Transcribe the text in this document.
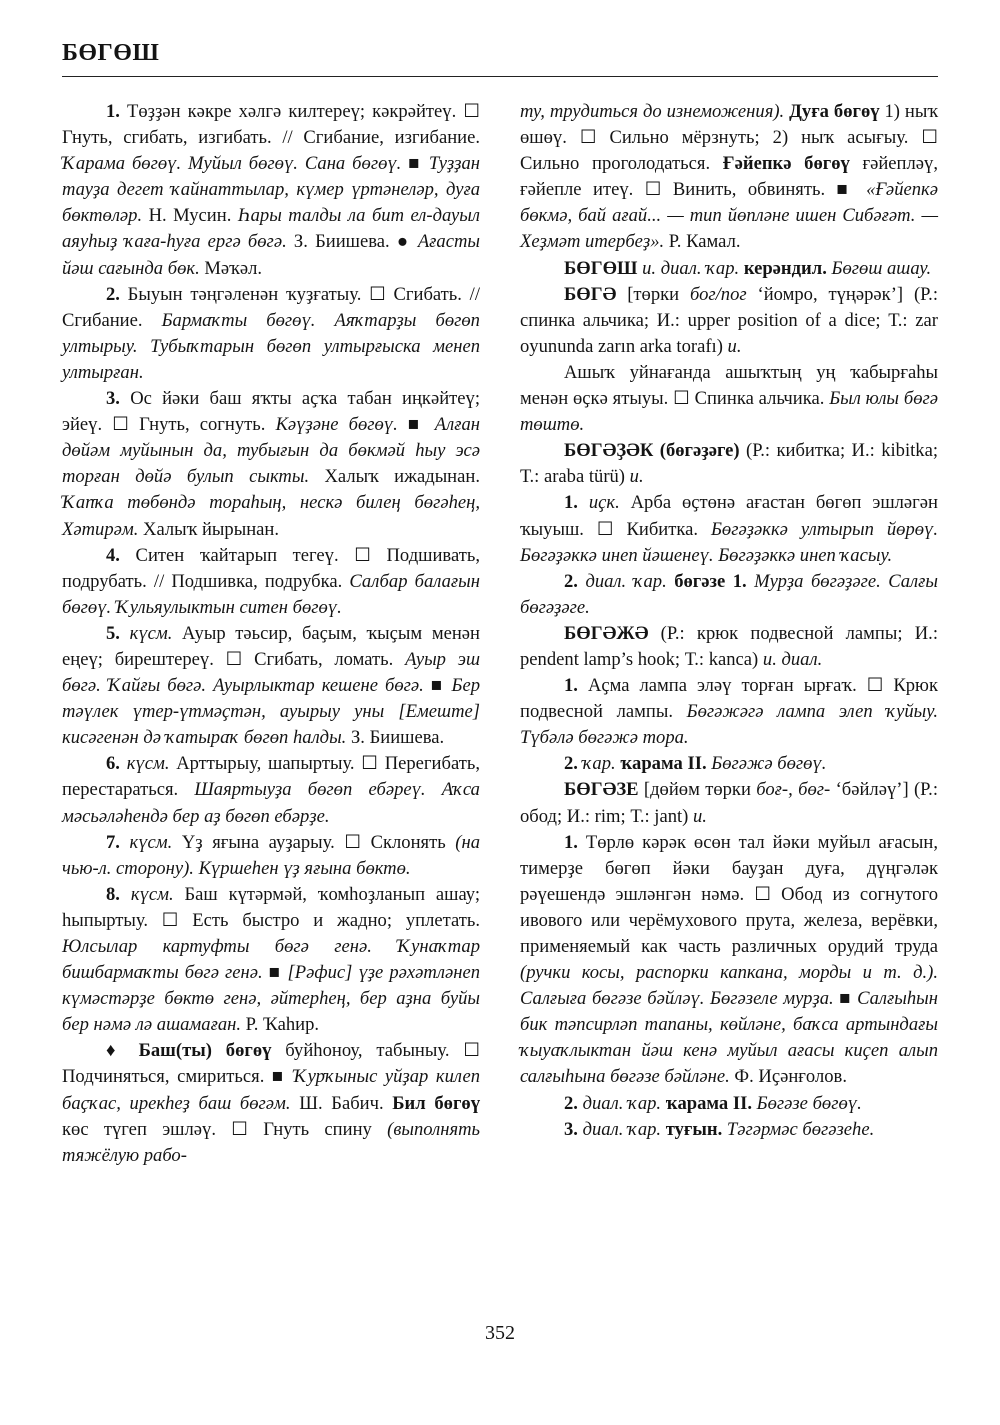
БӨГӨШ

1. Төҙҙән кәкре хәлгә килтереү; кәкрәйтеү. ☐ Гнуть, сгибать, изгибать. // Сгибание, изгибание. Ҡарама бөгөү. Муйыл бөгөү. Сана бөгөү. ■ Туҙҙан тауҙа дегет ҡайнаттылар, күмер үртәнеләр, дуға бөктөләр. Н. Мусин. Һары талды ла бит ел-дауыл аяуһыҙ ҡаға-һуға ергә бөгә. З. Биишева. ● Ағасты йәш сағында бөк. Мәҡәл.

2. Быуын тәңгәленән ҡуҙғатыу. ☐ Сгибать. // Сгибание. Бармаҡты бөгөү. Аяҡтарҙы бөгөп ултырыу. Тубыҡтарын бөгөп ултырғыска менеп ултырған.

3. Ос йәки баш яҡты аҫҡа табан иңкәйтеү; эйеү. ☐ Гнуть, согнуть. Кәүҙәне бөгөү. ■ Алған дөйәм муйынын да, тубығын да бөкмәй һыу эсә торған дөйә булып сыкты. Халыҡ ижадынан. Ҡапҡа төбөндә тораһың, нескә билең бөгәһең, Хәтирәм. Халыҡ йырынан.

4. Ситен ҡайтарып тегеү. ☐ Подшивать, подрубать. // Подшивка, подрубка. Салбар балағын бөгөү. Ҡульяулыктын ситен бөгөү.

5. күсм. Ауыр тәьсир, баҫым, ҡыҫым менән еңеү; бирештереү. ☐ Сгибать, ломать. Ауыр эш бөгә. Ҡайғы бөгә. Ауырлыктар кешене бөгә. ■ Бер тәүлек үтер-үтмәҫтән, ауырыу уны [Емеште] кисәгенән дә ҡатыраҡ бөгөп һалды. З. Биишева.

6. күсм. Арттырыу, шапыртыу. ☐ Перегибать, перестараться. Шаяртыуҙа бөгөп ебәреү. Аҡса мәсьәләһендә бер аҙ бөгөп ебәрҙе.

7. күсм. Үҙ яғына ауҙарыу. ☐ Склонять (на чью-л. сторону). Күршеһен үҙ яғына бөктө.

8. күсм. Баш күтәрмәй, ҡомһоҙланып ашау; һыпыртыу. ☐ Есть быстро и жадно; уплетать. Юлсылар картуфты бөгә генә. Ҡунаҡтар бишбармаҡты бөгә генә. ■ [Рәфис] үҙе рәхәтләнеп күмәстәрҙе бөктө генә, әйтерһең, бер аҙна буйы бер нәмә лә ашамаған. Р. Ҡаһир.

♦ Баш(ты) бөгөү буйһоноу, табыныу. ☐ Подчиняться, смириться. ■ Ҡурҡыныс уйҙар килеп баҫҡас, ирекһеҙ баш бөгәм. Ш. Бабич. Бил бөгөү көс түгеп эшләү. ☐ Гнуть спину (выполнять тяжёлую рабо-

ту, трудиться до изнеможения). Дуға бөгөү 1) ныҡ өшөү. ☐ Сильно мёрзнуть; 2) ныҡ асығыу. ☐ Сильно проголодаться. Ғәйепкә бөгөү ғәйепләү, ғәйепле итеү. ☐ Винить, обвинять. ■ «Ғәйепкә бөкмә, бай ағай... — тип йөпләне ишен Сибәғәт. — Хеҙмәт итербеҙ». Р. Камал.

БӨГӨШ и. диал. ҡар. керәндил. Бөгөш ашау.

БӨГӘ [төрки бог/пог ‘йомро, түңәрәк’] (Р.: спинка альчика; И.: upper position of a dice; Т.: zar oyununda zarın arka torafı) и.

Ашыҡ уйнағанда ашыҡтың уң ҡабырғаһы менән өҫкә ятыуы. ☐ Спинка альчика. Был юлы бөгә төштө.

БӨГӘҘӘК (бөгәҙәге) (Р.: кибитка; И.: kibitka; Т.: araba türü) и.

1. иҫк. Арба өҫтөнә ағастан бөгөп эшләгән ҡыуыш. ☐ Кибитка. Бөгәҙәккә ултырып йөрөү. Бөгәҙәккә инеп йәшенеү. Бөгәҙәккә инеп ҡасыу.

2. диал. ҡар. бөгәзе 1. Мурҙа бөгәҙәге. Салғы бөгәҙәге.

БӨГӘЖӘ (Р.: крюк подвесной лампы; И.: pendent lamp’s hook; Т.: kanca) и. диал.

1. Аҫма лампа эләү торған ырғаҡ. ☐ Крюк подвесной лампы. Бөгәжәгә лампа элеп ҡуйыу. Түбәлә бөгәжә тора.

2. ҡар. ҡарама II. Бөгәжә бөгөү.

БӨГӘЗЕ [дөйөм төрки боғ-, бөг- ‘бәйләү’] (Р.: обод; И.: rim; Т.: jant) и.

1. Төрлө кәрәк өсөн тал йәки муйыл ағасын, тимерҙе бөгөп йәки бауҙан дуға, дүңгәләк рәүешендә эшләнгән нәмә. ☐ Обод из согнутого ивового или черёмухового прута, железа, верёвки, применяемый как часть различных орудий труда (ручки косы, распорки капкана, морды и т. д.). Салғыға бөгәзе бәйләү. Бөгәзеле мурҙа. ■ Салғыһын бик тәпсирләп тапаны, көйләне, баҡса артындағы ҡыуаҡлыктан йәш кенә муйыл ағасы киҫеп алып салғыһына бөгәзе бәйләне. Ф. Иҫәнғолов.

2. диал. ҡар. ҡарама II. Бөгәзе бөгөү.

3. диал. ҡар. туғын. Тәгәрмәс бөгәзеһе.

352
